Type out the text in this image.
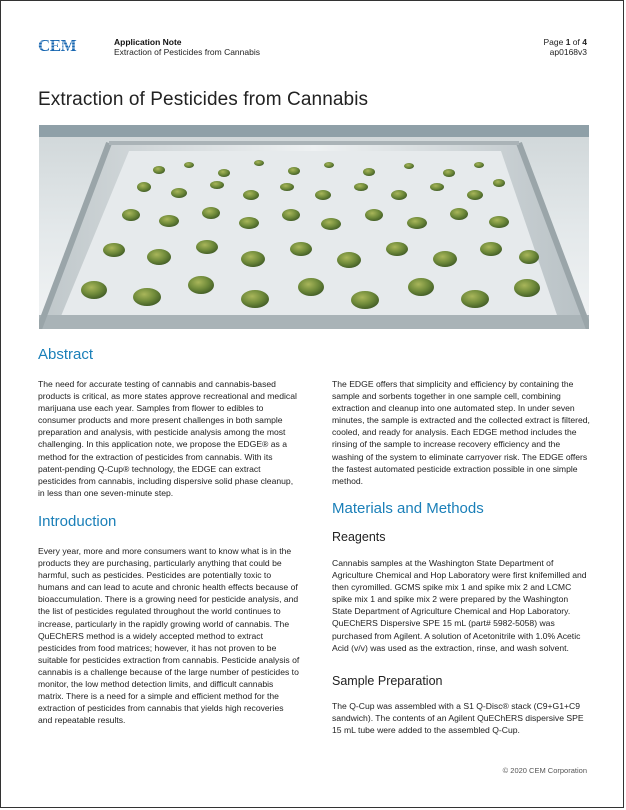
CEM	Application Note
Extraction of Pesticides from Cannabis
Page 1 of 4
ap0168v3
Extraction of Pesticides from Cannabis
Abstract

The need for accurate testing of cannabis and cannabis-based products is critical, as more states approve recreational and medical marijuana use each year. Samples from flower to edibles to consumer products and more present challenges in both sample preparation and analysis, with pesticide analysis among the most challenging. In this application note, we propose the EDGE® as a method for the extraction of pesticides from cannabis. With its patent-pending Q-Cup® technology, the EDGE can extract pesticides from cannabis, including dispersive solid phase cleanup, in less than one seven-minute step.

Introduction

Every year, more and more consumers want to know what is in the products they are purchasing, particularly anything that could be harmful, such as pesticides. Pesticides are potentially toxic to humans and can lead to acute and chronic health effects because of bioaccumulation. There is a growing need for pesticide analysis, and the list of pesticides regulated throughout the world continues to increase, particularly in the rapidly growing world of cannabis. The QuEChERS method is a widely accepted method to extract pesticides from food matrices; however, it has not proven to be suitable for pesticides extraction from cannabis. Pesticide analysis of cannabis is a challenge because of the large number of pesticides to monitor, the low method detection limits, and difficult cannabis matrix. There is a need for a simple and efficient method for the extraction of pesticides from cannabis that yields high recoveries and repeatable results.

The EDGE offers that simplicity and efficiency by containing the sample and sorbents together in one sample cell, combining extraction and cleanup into one automated step. In under seven minutes, the sample is extracted and the collected extract is filtered, cooled, and ready for analysis. Each EDGE method includes the rinsing of the sample to increase recovery efficiency and the washing of the system to eliminate carryover risk. The EDGE offers the fastest automated pesticide extraction possible in one simple method.

Materials and Methods
Reagents

Cannabis samples at the Washington State Department of Agriculture Chemical and Hop Laboratory were first knifemilled and then cyromilled. GCMS spike mix 1 and spike mix 2 and LCMC spike mix 1 and spike mix 2 were prepared by the Washington State Department of Agriculture Chemical and Hop Laboratory. QuEChERS Dispersive SPE 15 mL (part# 5982-5058) was purchased from Agilent. A solution of Acetonitrile with 1.0% Acetic Acid (v/v) was used as the extraction, rinse, and wash solvent.

Sample Preparation

The Q-Cup was assembled with a S1 Q-Disc® stack (C9+G1+C9 sandwich). The contents of an Agilent QuEChERS dispersive SPE 15 mL tube were added to the assembled Q-Cup.

© 2020 CEM Corporation
